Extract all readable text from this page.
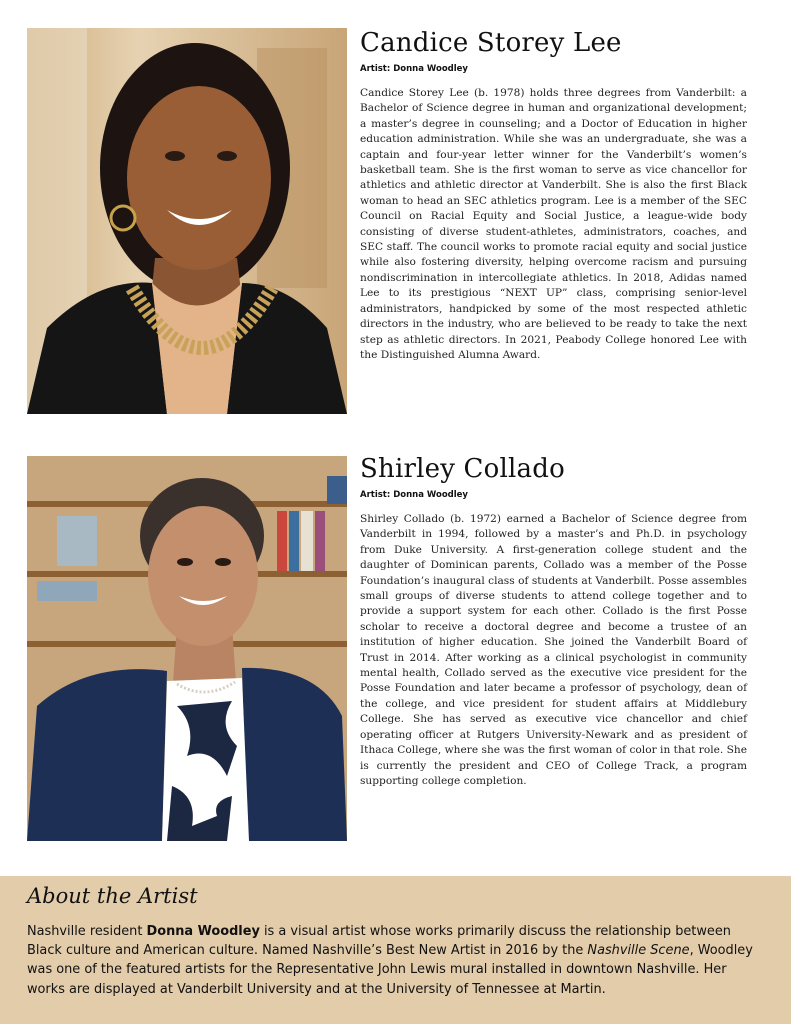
Candice Storey Lee
Artist: Donna Woodley

Candice Storey Lee (b. 1978) holds three degrees from Vanderbilt: a Bachelor of Science degree in human and organizational development; a master’s degree in counseling; and a Doctor of Education in higher education administration. While she was an undergraduate, she was a captain and four-year letter winner for the Vanderbilt’s women’s basketball team. She is the first woman to serve as vice chancellor for athletics and athletic director at Vanderbilt. She is also the first Black woman to head an SEC athletics program. Lee is a member of the SEC Council on Racial Equity and Social Justice, a league-wide body consisting of diverse student-athletes, administrators, coaches, and SEC staff. The council works to promote racial equity and social justice while also fostering diversity, helping overcome racism and pursuing nondiscrimination in intercollegiate athletics. In 2018, Adidas named Lee to its prestigious “NEXT UP” class, comprising senior-level administrators, handpicked by some of the most respected athletic directors in the industry, who are believed to be ready to take the next step as athletic directors. In 2021, Peabody College honored Lee with the Distinguished Alumna Award.

Shirley Collado
Artist: Donna Woodley

Shirley Collado (b. 1972) earned a Bachelor of Science degree from Vanderbilt in 1994, followed by a master’s and Ph.D. in psychology from Duke University. A first-generation college student and the daughter of Dominican parents, Collado was a member of the Posse Foundation’s inaugural class of students at Vanderbilt. Posse assembles small groups of diverse students to attend college together and to provide a support system for each other. Collado is the first Posse scholar to receive a doctoral degree and become a trustee of an institution of higher education. She joined the Vanderbilt Board of Trust in 2014. After working as a clinical psychologist in community mental health, Collado served as the executive vice president for the Posse Foundation and later became a professor of psychology, dean of the college, and vice president for student affairs at Middlebury College. She has served as executive vice chancellor and chief operating officer at Rutgers University-Newark and as president of Ithaca College, where she was the first woman of color in that role. She is currently the president and CEO of College Track, a program supporting college completion.

About the Artist

Nashville resident Donna Woodley is a visual artist whose works primarily discuss the relationship between Black culture and American culture. Named Nashville’s Best New Artist in 2016 by the Nashville Scene, Woodley was one of the featured artists for the Representative John Lewis mural installed in downtown Nashville. Her works are displayed at Vanderbilt University and at the University of Tennessee at Martin.
